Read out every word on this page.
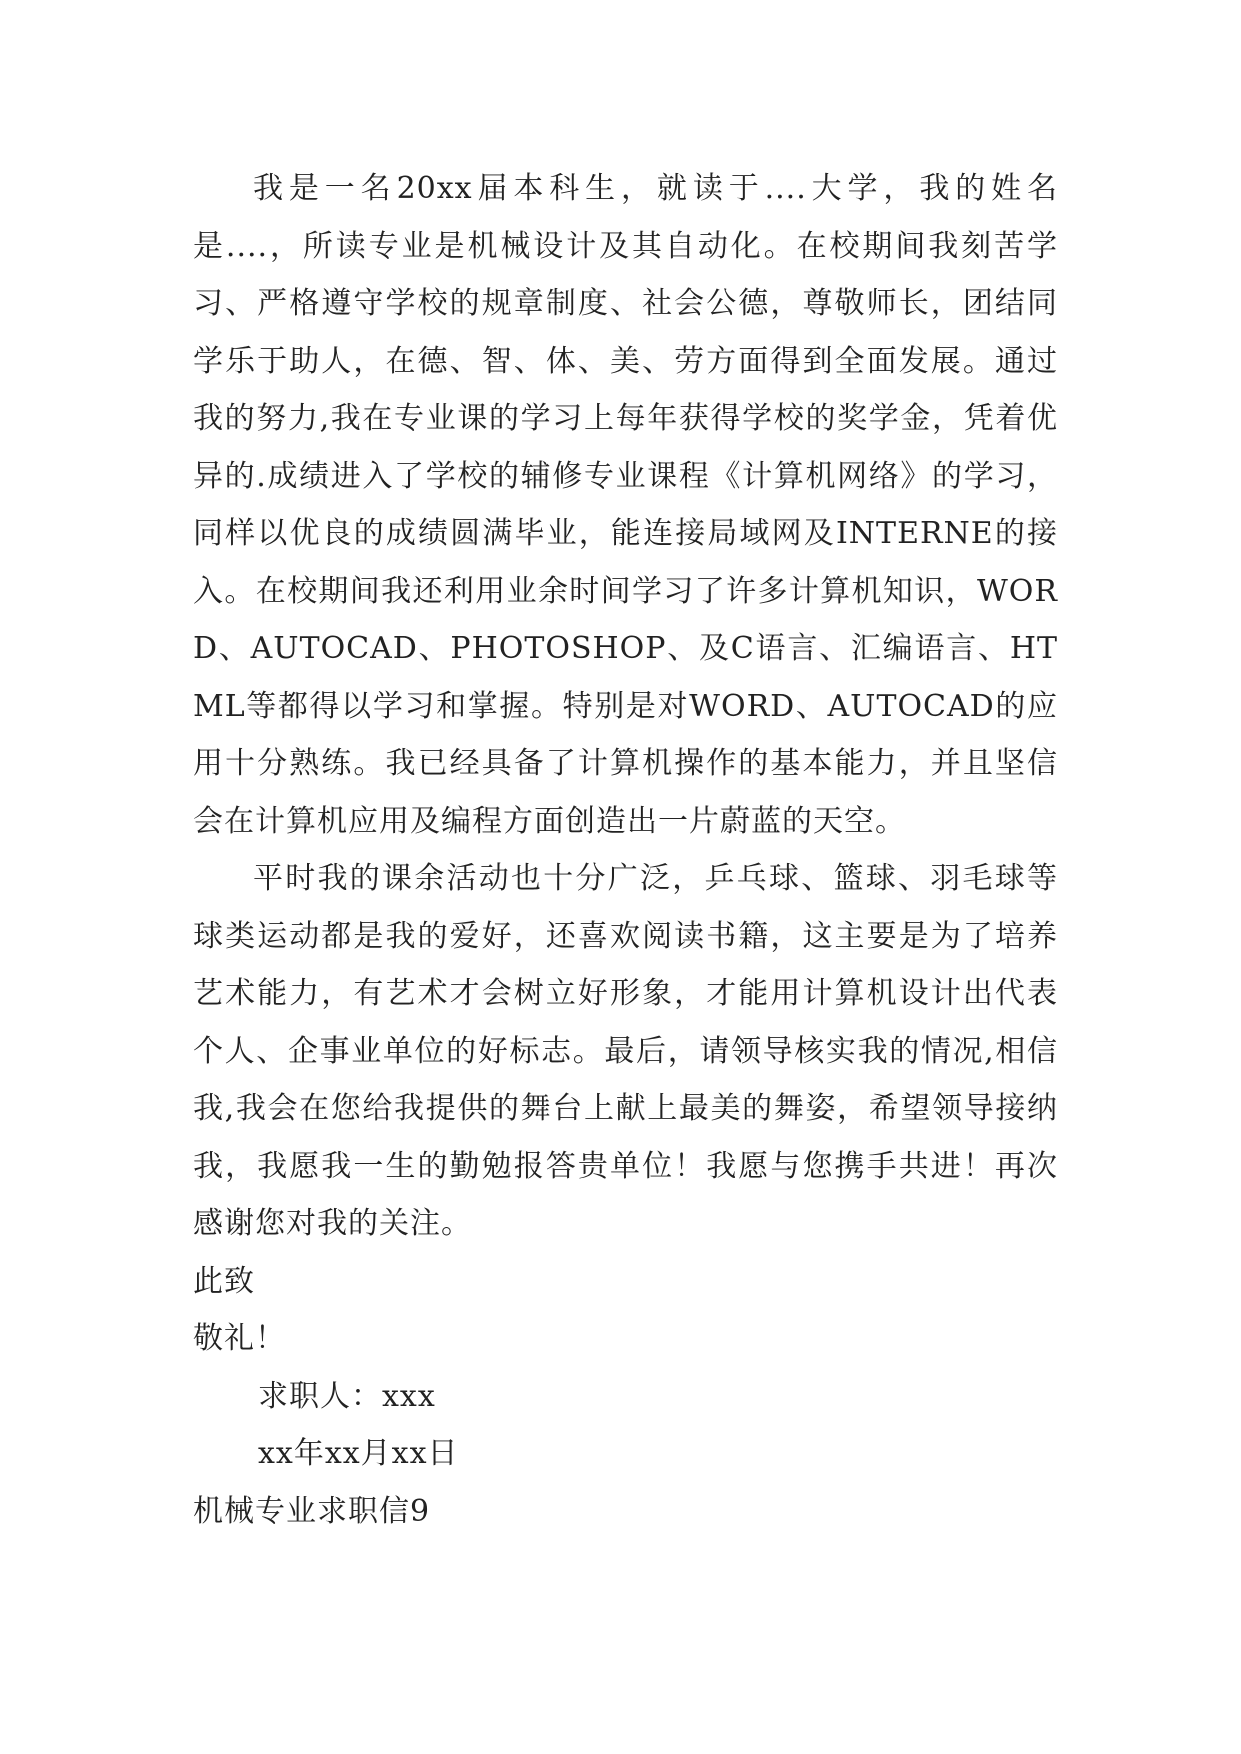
我是一名20xx届本科生，就读于....大学，我的姓名是....，所读专业是机械设计及其自动化。在校期间我刻苦学习、严格遵守学校的规章制度、社会公德，尊敬师长，团结同学乐于助人，在德、智、体、美、劳方面得到全面发展。通过我的努力,我在专业课的学习上每年获得学校的奖学金，凭着优异的.成绩进入了学校的辅修专业课程《计算机网络》的学习，同样以优良的成绩圆满毕业，能连接局域网及INTERNE的接入。在校期间我还利用业余时间学习了许多计算机知识，WORD、AUTOCAD、PHOTOSHOP、及C语言、汇编语言、HTML等都得以学习和掌握。特别是对WORD、AUTOCAD的应用十分熟练。我已经具备了计算机操作的基本能力，并且坚信会在计算机应用及编程方面创造出一片蔚蓝的天空。

平时我的课余活动也十分广泛，乒乓球、篮球、羽毛球等球类运动都是我的爱好，还喜欢阅读书籍，这主要是为了培养艺术能力，有艺术才会树立好形象，才能用计算机设计出代表个人、企事业单位的好标志。最后，请领导核实我的情况,相信我,我会在您给我提供的舞台上献上最美的舞姿，希望领导接纳我，我愿我一生的勤勉报答贵单位！我愿与您携手共进！再次感谢您对我的关注。

此致

敬礼！

求职人：xxx

xx年xx月xx日

机械专业求职信9
